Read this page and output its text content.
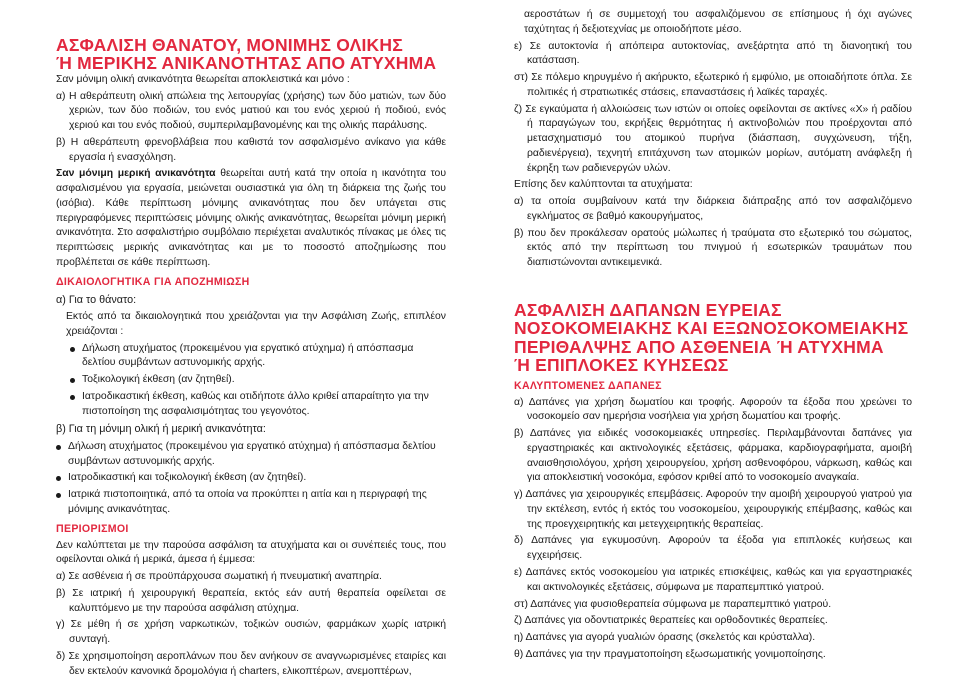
ΑΣΦΑΛΙΣΗ ΘΑΝΑΤΟΥ, ΜΟΝΙΜΗΣ ΟΛΙΚΗΣ
Ή ΜΕΡΙΚΗΣ ΑΝΙΚΑΝΟΤΗΤΑΣ ΑΠΟ ΑΤΥΧΗΜΑ

Σαν μόνιμη ολική ανικανότητα θεωρείται αποκλειστικά και μόνο :

α) Η αθεράπευτη ολική απώλεια της λειτουργίας (χρήσης) των δύο ματιών, των δύο χεριών, των δύο ποδιών, του ενός ματιού και του ενός χεριού ή ποδιού, ενός χεριού και του ενός ποδιού, συμπεριλαμβανομένης και της ολικής παράλυσης.

β) Η αθεράπευτη φρενοβλάβεια που καθιστά τον ασφαλισμένο ανίκανο για κάθε εργασία ή ενασχόληση.

Σαν μόνιμη μερική ανικανότητα θεωρείται αυτή κατά την οποία η ικανότητα του ασφαλισμένου για εργασία, μειώνεται ουσιαστικά για όλη τη διάρκεια της ζωής του (ισόβια). Κάθε περίπτωση μόνιμης ανικανότητας που δεν υπάγεται στις περιγραφόμενες περιπτώσεις μόνιμης ολικής ανικανότητας, θεωρείται μόνιμη μερική ανικανότητα. Στο ασφαλιστήριο συμβόλαιο περιέχεται αναλυτικός πίνακας με όλες τις περιπτώσεις μερικής ανικανότητας και με το ποσοστό αποζημίωσης που προβλέπεται σε κάθε περίπτωση.

ΔΙΚΑΙΟΛΟΓΗΤΙΚΑ ΓΙΑ ΑΠΟΖΗΜΙΩΣΗ
α) Για το θάνατο:

Εκτός από τα δικαιολογητικά που χρειάζονται για την Ασφάλιση Ζωής, επιπλέον χρειάζονται :

Δήλωση ατυχήματος (προκειμένου για εργατικό ατύχημα) ή απόσπασμα δελτίου συμβάντων αστυνομικής αρχής.
Τοξικολογική έκθεση (αν ζητηθεί).
Ιατροδικαστική έκθεση, καθώς και οτιδήποτε άλλο κριθεί απαραίτητο για την πιστοποίηση της ασφαλισιμότητας του γεγονότος.
β) Για τη μόνιμη ολική ή μερική ανικανότητα:
Δήλωση ατυχήματος (προκειμένου για εργατικό ατύχημα) ή απόσπασμα δελτίου συμβάντων αστυνομικής αρχής.
Ιατροδικαστική και τοξικολογική έκθεση (αν ζητηθεί).
Ιατρικά πιστοποιητικά, από τα οποία να προκύπτει η αιτία και η περιγραφή της μόνιμης ανικανότητας.
ΠΕΡΙΟΡΙΣΜΟΙ

Δεν καλύπτεται με την παρούσα ασφάλιση τα ατυχήματα και οι συνέπειές τους, που οφείλονται ολικά ή μερικά, άμεσα ή έμμεσα:

α) Σε ασθένεια ή σε προϋπάρχουσα σωματική ή πνευματική αναπηρία.

β) Σε ιατρική ή χειρουργική θεραπεία, εκτός εάν αυτή θεραπεία οφείλεται σε καλυπτόμενο με την παρούσα ασφάλιση ατύχημα.

γ) Σε μέθη ή σε χρήση ναρκωτικών, τοξικών ουσιών, φαρμάκων χωρίς ιατρική συνταγή.

δ) Σε χρησιμοποίηση αεροπλάνων που δεν ανήκουν σε αναγνωρισμένες εταιρίες και δεν εκτελούν κανονικά δρομολόγια ή charters, ελικοπτέρων, ανεμοπτέρων,

αεροστάτων ή σε συμμετοχή του ασφαλιζόμενου σε επίσημους ή όχι αγώνες ταχύτητας ή δεξιοτεχνίας με οποιοδήποτε μέσο.

ε) Σε αυτοκτονία ή απόπειρα αυτοκτονίας, ανεξάρτητα από τη διανοητική του κατάσταση.

στ) Σε πόλεμο κηρυγμένο ή ακήρυκτο, εξωτερικό ή εμφύλιο, με οποιαδήποτε όπλα. Σε πολιτικές ή στρατιωτικές στάσεις, επαναστάσεις ή λαϊκές ταραχές.

ζ) Σε εγκαύματα ή αλλοιώσεις των ιστών οι οποίες οφείλονται σε ακτίνες «Χ» ή ραδίου ή παραγώγων του, εκρήξεις θερμότητας ή ακτινοβολιών που προέρχονται από μετασχηματισμό του ατομικού πυρήνα (διάσπαση, συγχώνευση, τήξη, ραδιενέργεια), τεχνητή επιτάχυνση των ατομικών μορίων, αυτόματη ανάφλεξη ή έκρηξη των ραδιενεργών υλών.

Επίσης δεν καλύπτονται τα ατυχήματα:

α) τα οποία συμβαίνουν κατά την διάρκεια διάπραξης από τον ασφαλιζόμενο εγκλήματος σε βαθμό κακουργήματος,

β) που δεν προκάλεσαν ορατούς μώλωπες ή τραύματα στο εξωτερικό του σώματος, εκτός από την περίπτωση του πνιγμού ή εσωτερικών τραυμάτων που διαπιστώνονται αντικειμενικά.

ΑΣΦΑΛΙΣΗ ΔΑΠΑΝΩΝ ΕΥΡΕΙΑΣ
ΝΟΣΟΚΟΜΕΙΑΚΗΣ ΚΑΙ ΕΞΩΝΟΣΟΚΟΜΕΙΑΚΗΣ
ΠΕΡΙΘΑΛΨΗΣ ΑΠΟ ΑΣΘΕΝΕΙΑ Ή ΑΤΥΧΗΜΑ
Ή ΕΠΙΠΛΟΚΕΣ ΚΥΗΣΕΩΣ
ΚΑΛΥΠΤΟΜΕΝΕΣ ΔΑΠΑΝΕΣ

α) Δαπάνες για χρήση δωματίου και τροφής. Αφορούν τα έξοδα που χρεώνει το νοσοκομείο σαν ημερήσια νοσήλεια για χρήση δωματίου και τροφής.

β) Δαπάνες για ειδικές νοσοκομειακές υπηρεσίες. Περιλαμβάνονται δαπάνες για εργαστηριακές και ακτινολογικές εξετάσεις, φάρμακα, καρδιογραφήματα, αμοιβή αναισθησιολόγου, χρήση χειρουργείου, χρήση ασθενοφόρου, νάρκωση, καθώς και για αποκλειστική νοσοκόμα, εφόσον κριθεί από το νοσοκομείο αναγκαία.

γ) Δαπάνες για χειρουργικές επεμβάσεις. Αφορούν την αμοιβή χειρουργού γιατρού για την εκτέλεση, εντός ή εκτός του νοσοκομείου, χειρουργικής επέμβασης, καθώς και της προεγχειρητικής και μετεγχειρητικής θεραπείας.

δ) Δαπάνες για εγκυμοσύνη. Αφορούν τα έξοδα για επιπλοκές κυήσεως και εγχειρήσεις.

ε) Δαπάνες εκτός νοσοκομείου για ιατρικές επισκέψεις, καθώς και για εργαστηριακές και ακτινολογικές εξετάσεις, σύμφωνα με παραπεμπτικό γιατρού.

στ) Δαπάνες για φυσιοθεραπεία σύμφωνα με παραπεμπτικό γιατρού.

ζ) Δαπάνες για οδοντιατρικές θεραπείες και ορθοδοντικές θεραπείες.

η) Δαπάνες για αγορά γυαλιών όρασης (σκελετός και κρύσταλλα).

θ) Δαπάνες για την πραγματοποίηση εξωσωματικής γονιμοποίησης.
